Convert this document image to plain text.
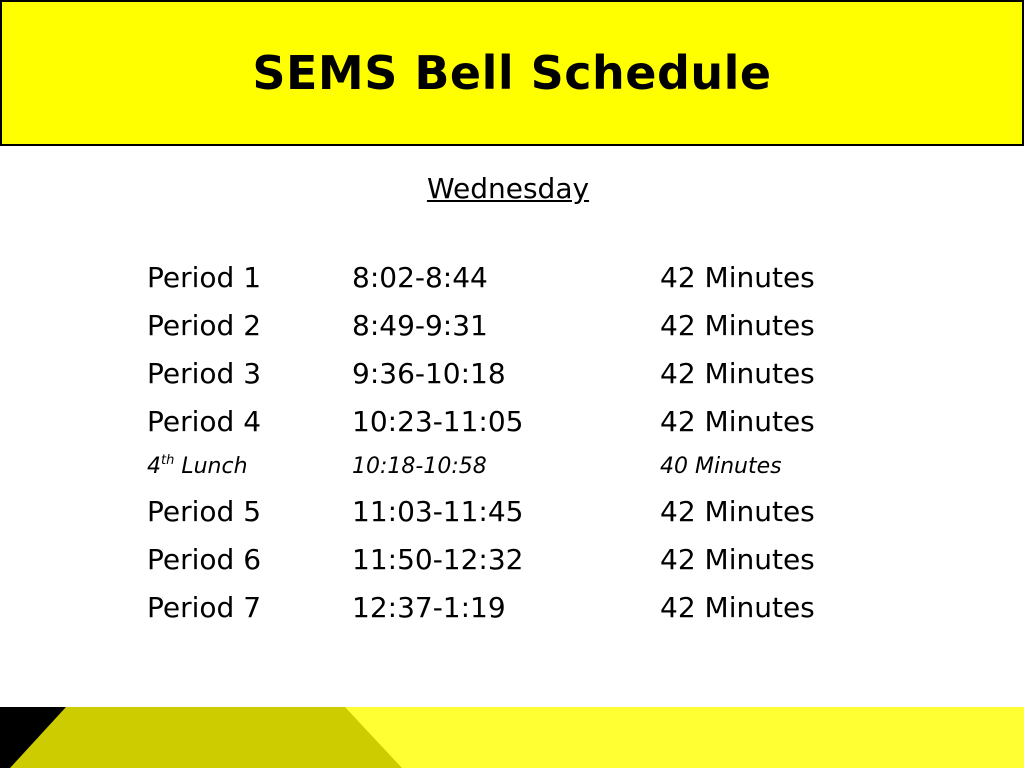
SEMS Bell Schedule
Wednesday
Period 1	8:02-8:44	42 Minutes
Period 2	8:49-9:31	42 Minutes
Period 3	9:36-10:18	42 Minutes
Period 4	10:23-11:05	42 Minutes
4th Lunch	10:18-10:58	40 Minutes
Period 5	11:03-11:45	42 Minutes
Period 6	11:50-12:32	42 Minutes
Period 7	12:37-1:19	42 Minutes
